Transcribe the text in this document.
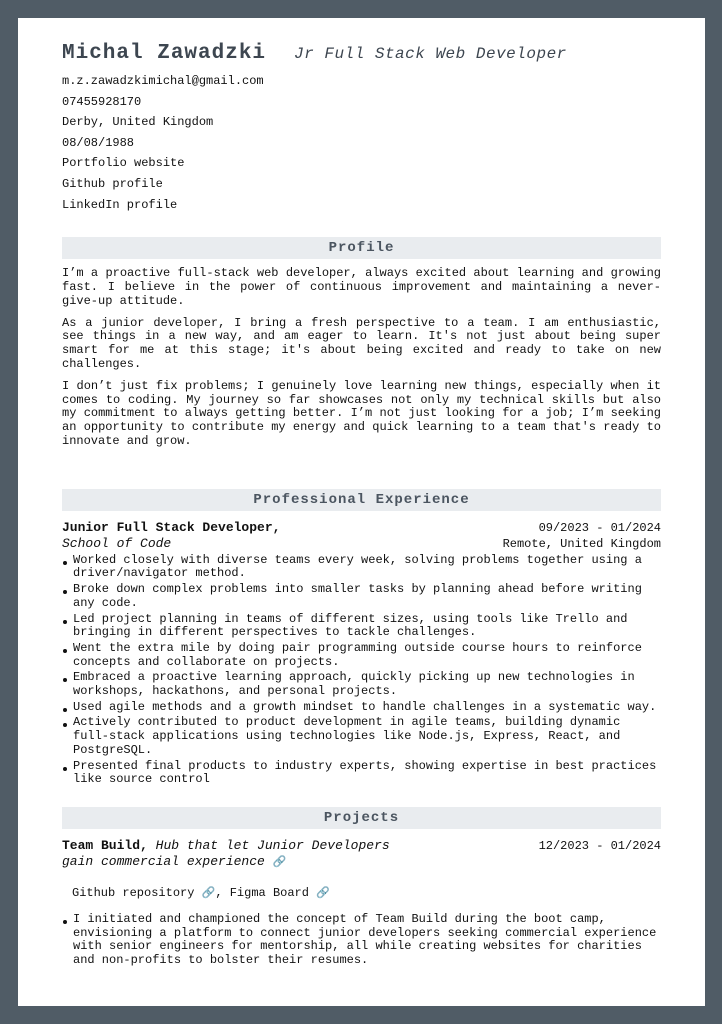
Michal Zawadzki Jr Full Stack Web Developer
m.z.zawadzkimichal@gmail.com
07455928170
Derby, United Kingdom
08/08/1988
Portfolio website
Github profile
LinkedIn profile
Profile

I’m a proactive full-stack web developer, always excited about learning and growing fast. I believe in the power of continuous improvement and maintaining a never-give-up attitude.

As a junior developer, I bring a fresh perspective to a team. I am enthusiastic, see things in a new way, and am eager to learn. It's not just about being super smart for me at this stage; it's about being excited and ready to take on new challenges.

I don’t just fix problems; I genuinely love learning new things, especially when it comes to coding. My journey so far showcases not only my technical skills but also my commitment to always getting better. I’m not just looking for a job; I’m seeking an opportunity to contribute my energy and quick learning to a team that's ready to innovate and grow.

Professional Experience
Junior Full Stack Developer,
School of Code
09/2023 - 01/2024
Remote, United Kingdom
Worked closely with diverse teams every week, solving problems together using a driver/navigator method.
Broke down complex problems into smaller tasks by planning ahead before writing any code.
Led project planning in teams of different sizes, using tools like Trello and bringing in different perspectives to tackle challenges.
Went the extra mile by doing pair programming outside course hours to reinforce concepts and collaborate on projects.
Embraced a proactive learning approach, quickly picking up new technologies in workshops, hackathons, and personal projects.
Used agile methods and a growth mindset to handle challenges in a systematic way.
Actively contributed to product development in agile teams, building dynamic full-stack applications using technologies like Node.js, Express, React, and PostgreSQL.
Presented final products to industry experts, showing expertise in best practices like source control
Projects
Team Build, Hub that let Junior Developers gain commercial experience 🔗
12/2023 - 01/2024
Github repository 🔗, Figma Board 🔗
I initiated and championed the concept of Team Build during the boot camp, envisioning a platform to connect junior developers seeking commercial experience with senior engineers for mentorship, all while creating websites for charities and non-profits to bolster their resumes.
